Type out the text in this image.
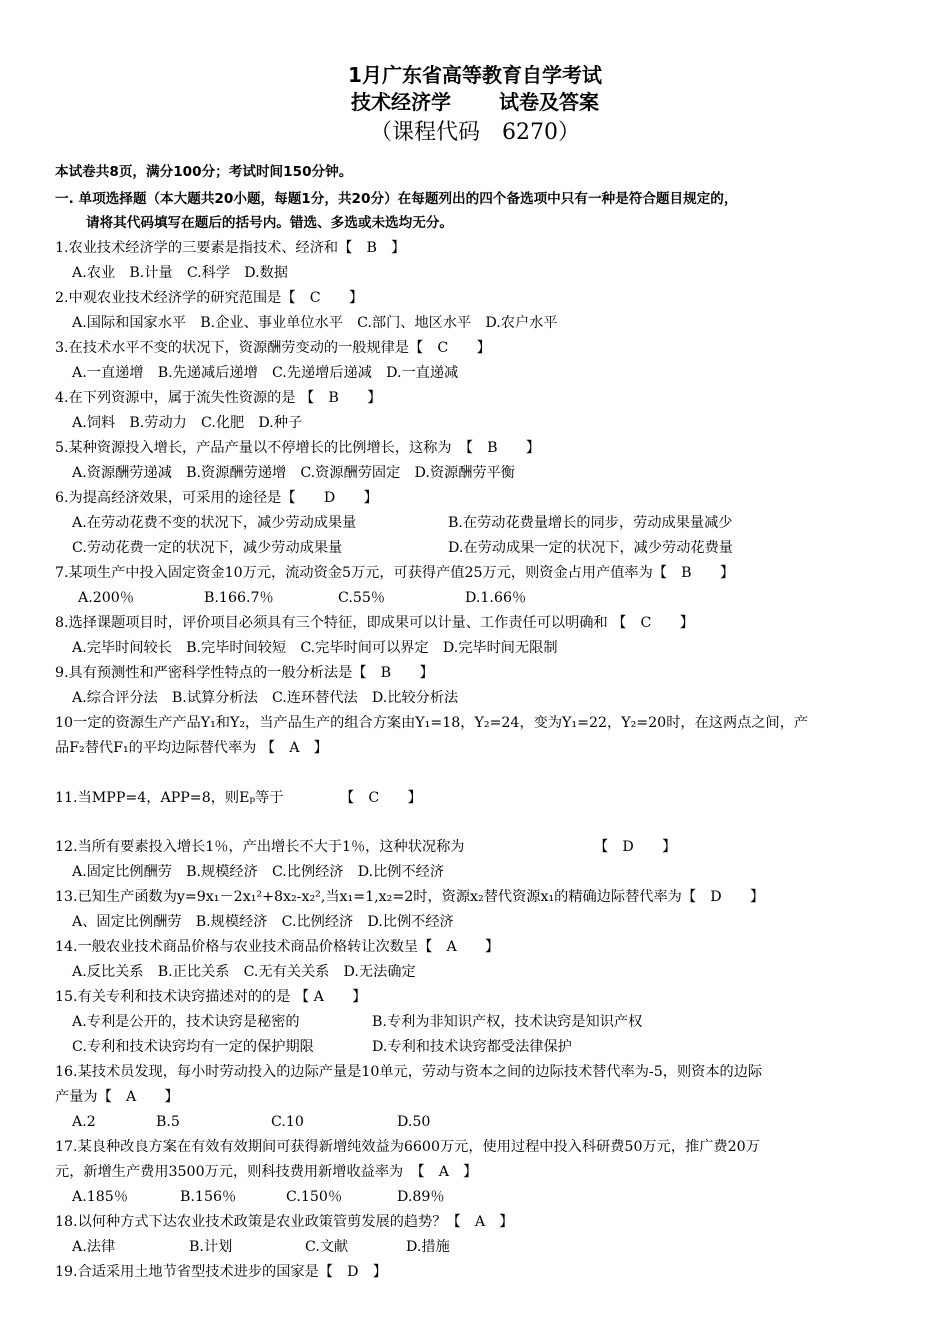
1月广东省高等教育自学考试
技术经济学 试卷及答案
（课程代码 6270）
本试卷共8页，满分100分；考试时间150分钟。
一. 单项选择题（本大题共20小题，每题1分，共20分）在每题列出的四个备选项中只有一种是符合题目规定的，
请将其代码填写在题后的括号内。错选、多选或未选均无分。
1.农业技术经济学的三要素是指技术、经济和【　B　】
A.农业　B.计量　C.科学　D.数据
2.中观农业技术经济学的研究范围是【　C　　】
A.国际和国家水平　B.企业、事业单位水平　C.部门、地区水平　D.农户水平
3.在技术水平不变的状况下，资源酬劳变动的一般规律是【　C　　】
A.一直递增　B.先递减后递增　C.先递增后递减　D.一直递减
4.在下列资源中，属于流失性资源的是 【　B　　】
A.饲料　B.劳动力　C.化肥　D.种子
5.某种资源投入增长，产品产量以不停增长的比例增长，这称为　【　B　　】
A.资源酬劳递减　B.资源酬劳递增　C.资源酬劳固定　D.资源酬劳平衡
6.为提高经济效果，可采用的途径是【　　D　　】
A.在劳动花费不变的状况下，减少劳动成果量	B.在劳动花费量增长的同步，劳动成果量减少
C.劳动花费一定的状况下，减少劳动成果量	D.在劳动成果一定的状况下，减少劳动花费量
7.某项生产中投入固定资金10万元，流动资金5万元，可获得产值25万元，则资金占用产值率为【　B　　】
A.200％	B.166.7％	C.55％	D.1.66％
8.选择课题项目时，评价项目必须具有三个特征，即成果可以计量、工作责任可以明确和 【　C　　】
A.完毕时间较长　B.完毕时间较短　C.完毕时间可以界定　D.完毕时间无限制
9.具有预测性和严密科学性特点的一般分析法是【　B　　】
A.综合评分法　B.试算分析法　C.连环替代法　D.比较分析法
10一定的资源生产产品Y₁和Y₂，当产品生产的组合方案由Y₁=18，Y₂=24，变为Y₁=22，Y₂=20时，在这两点之间，产
品F₂替代F₁的平均边际替代率为 【　A　】
11.当MPP=4，APP=8，则Eₚ等于	【　C　　】
12.当所有要素投入增长1％，产出增长不大于1％，这种状况称为	【　D　　】
A.固定比例酬劳　B.规模经济　C.比例经济　D.比例不经济
13.已知生产函数为y=9x₁－2x₁²+8x₂-x₂²,当x₁=1,x₂=2时，资源x₂替代资源x₁的精确边际替代率为【　D　　】
A、固定比例酬劳　B.规模经济　C.比例经济　D.比例不经济
14.一般农业技术商品价格与农业技术商品价格转让次数呈【　A　　】
A.反比关系　B.正比关系　C.无有关关系　D.无法确定
15.有关专利和技术诀窍描述对的的是 【 A　　】
A.专利是公开的，技术诀窍是秘密的	B.专利为非知识产权，技术诀窍是知识产权
C.专利和技术诀窍均有一定的保护期限	D.专利和技术诀窍都受法律保护
16.某技术员发现，每小时劳动投入的边际产量是10单元，劳动与资本之间的边际技术替代率为-5，则资本的边际
产量为【　A　　】
A.2	B.5	C.10	D.50
17.某良种改良方案在有效有效期间可获得新增纯效益为6600万元，使用过程中投入科研费50万元，推广费20万
元，新增生产费用3500万元，则科技费用新增收益率为　【　A　】
A.185％	B.156％	C.150％	D.89％
18.以何种方式下达农业技术政策是农业政策管剪发展的趋势？【　A　】
A.法律	B.计划	C.文献	D.措施
19.合适采用土地节省型技术进步的国家是【　D　】
